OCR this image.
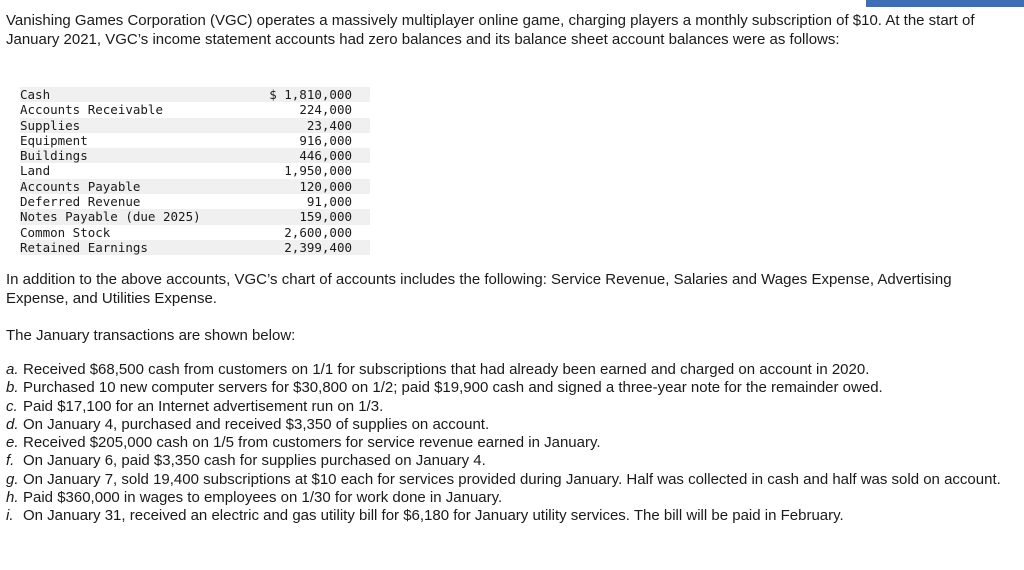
Vanishing Games Corporation (VGC) operates a massively multiplayer online game, charging players a monthly subscription of $10. At the start of January 2021, VGC’s income statement accounts had zero balances and its balance sheet account balances were as follows:

Cash	$ 1,810,000
Accounts Receivable	224,000
Supplies	23,400
Equipment	916,000
Buildings	446,000
Land	1,950,000
Accounts Payable	120,000
Deferred Revenue	91,000
Notes Payable (due 2025)	159,000
Common Stock	2,600,000
Retained Earnings	2,399,400

In addition to the above accounts, VGC’s chart of accounts includes the following: Service Revenue, Salaries and Wages Expense, Advertising Expense, and Utilities Expense.

The January transactions are shown below:

a. Received $68,500 cash from customers on 1/1 for subscriptions that had already been earned and charged on account in 2020.
b. Purchased 10 new computer servers for $30,800 on 1/2; paid $19,900 cash and signed a three-year note for the remainder owed.
c. Paid $17,100 for an Internet advertisement run on 1/3.
d. On January 4, purchased and received $3,350 of supplies on account.
e. Received $205,000 cash on 1/5 from customers for service revenue earned in January.
f. On January 6, paid $3,350 cash for supplies purchased on January 4.
g. On January 7, sold 19,400 subscriptions at $10 each for services provided during January. Half was collected in cash and half was sold on account.
h. Paid $360,000 in wages to employees on 1/30 for work done in January.
i. On January 31, received an electric and gas utility bill for $6,180 for January utility services. The bill will be paid in February.
